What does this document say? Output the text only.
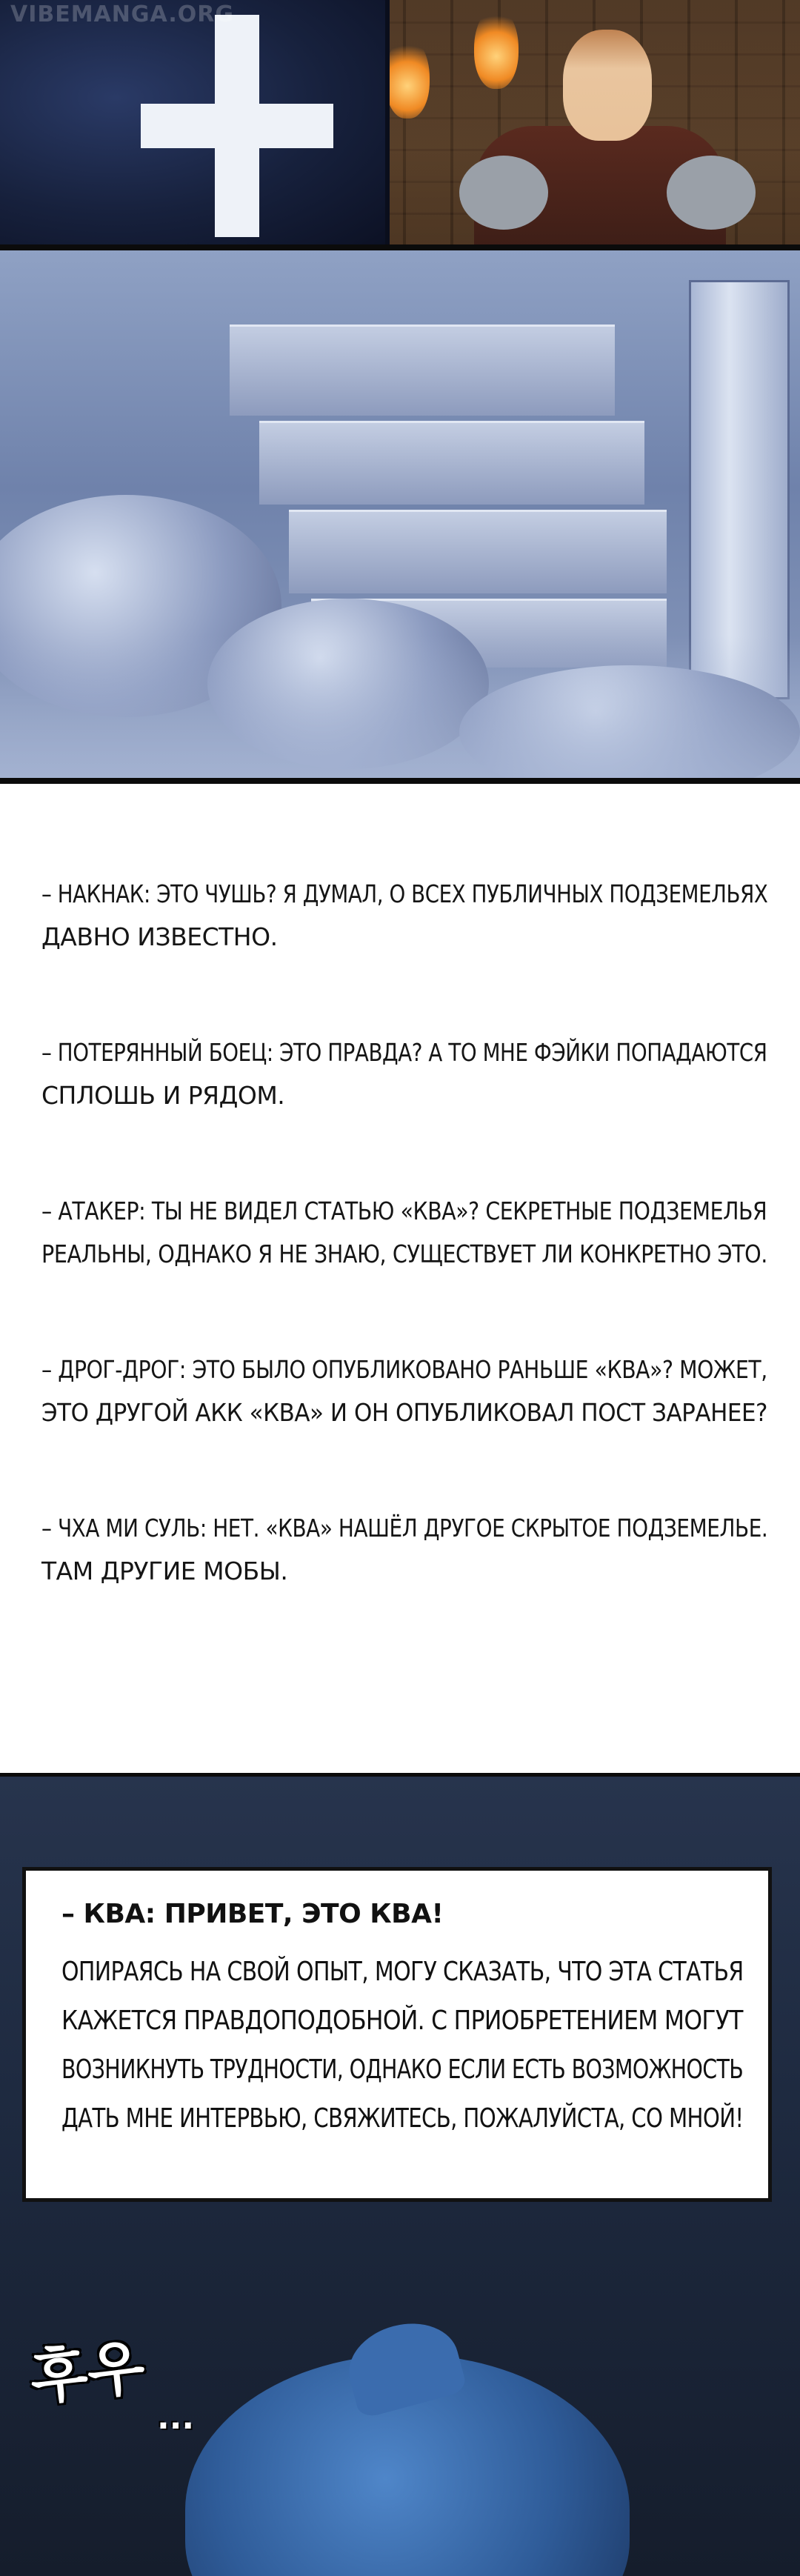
VIBEMANGA.ORG
– НАКНАК: ЭТО ЧУШЬ? Я ДУМАЛ, О ВСЕХ ПУБЛИЧНЫХ ПОДЗЕМЕЛЬЯХ
ДАВНО ИЗВЕСТНО.
– ПОТЕРЯННЫЙ БОЕЦ: ЭТО ПРАВДА? А ТО МНЕ ФЭЙКИ ПОПАДАЮТСЯ
СПЛОШЬ И РЯДОМ.
– АТАКЕР: ТЫ НЕ ВИДЕЛ СТАТЬЮ «КВА»? СЕКРЕТНЫЕ ПОДЗЕМЕЛЬЯ
РЕАЛЬНЫ, ОДНАКО Я НЕ ЗНАЮ, СУЩЕСТВУЕТ ЛИ КОНКРЕТНО ЭТО.
– ДРОГ-ДРОГ: ЭТО БЫЛО ОПУБЛИКОВАНО РАНЬШЕ «КВА»? МОЖЕТ,
ЭТО ДРУГОЙ АКК «КВА» И ОН ОПУБЛИКОВАЛ ПОСТ ЗАРАНЕЕ?
– ЧХА МИ СУЛЬ: НЕТ. «КВА» НАШЁЛ ДРУГОЕ СКРЫТОЕ ПОДЗЕМЕЛЬЕ.
ТАМ ДРУГИЕ МОБЫ.
– КВА: ПРИВЕТ, ЭТО КВА!
ОПИРАЯСЬ НА СВОЙ ОПЫТ, МОГУ СКАЗАТЬ, ЧТО ЭТА СТАТЬЯ
КАЖЕТСЯ ПРАВДОПОДОБНОЙ. С ПРИОБРЕТЕНИЕМ МОГУТ
ВОЗНИКНУТЬ ТРУДНОСТИ, ОДНАКО ЕСЛИ ЕСТЬ ВОЗМОЖНОСТЬ
ДАТЬ МНЕ ИНТЕРВЬЮ, СВЯЖИТЕСЬ, ПОЖАЛУЙСТА, СО МНОЙ!
후우
...
